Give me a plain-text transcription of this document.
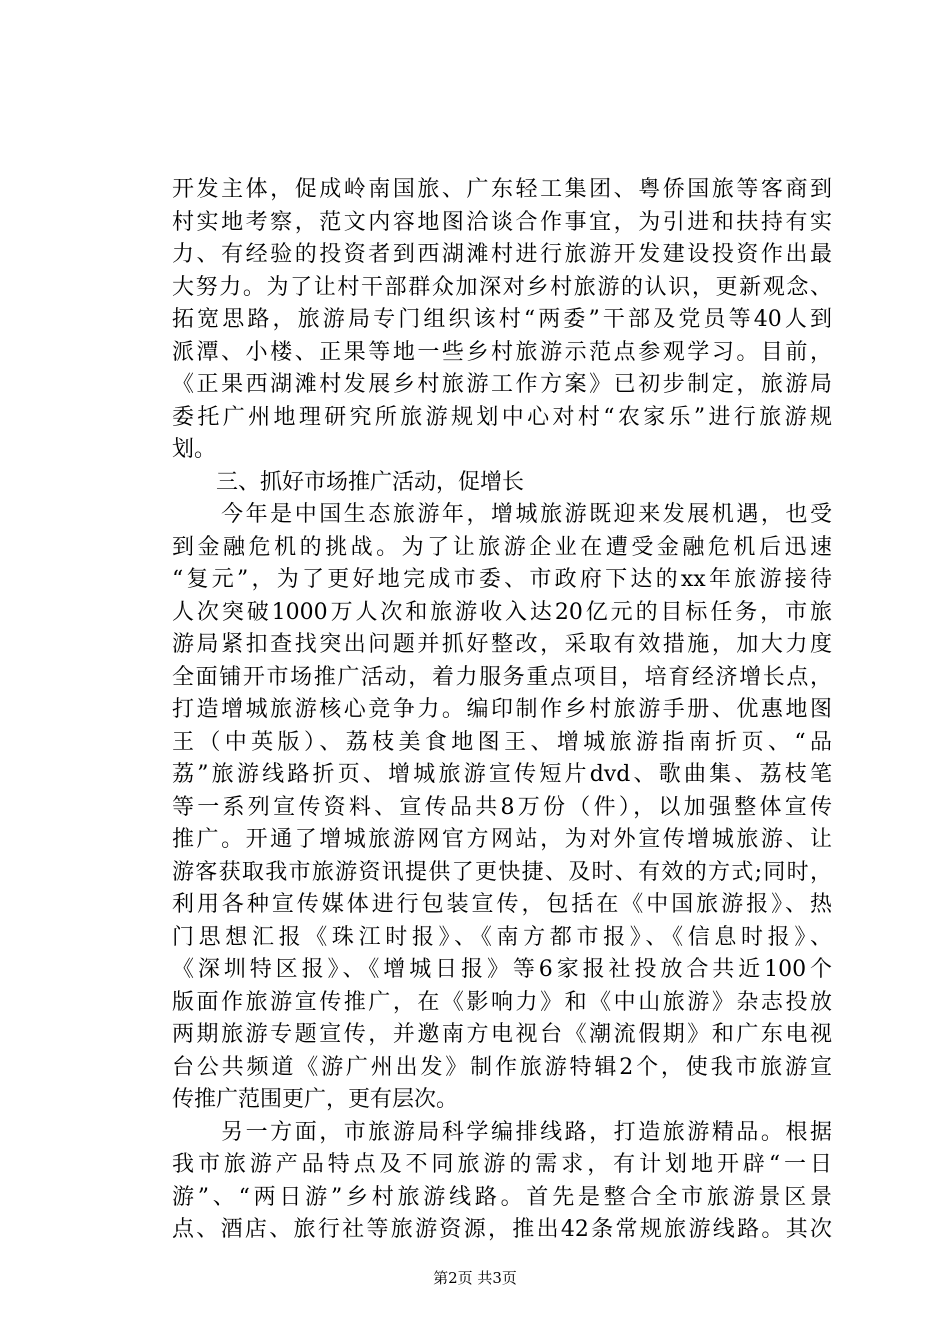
开发主体，促成岭南国旅、广东轻工集团、粤侨国旅等客商到
村实地考察，范文内容地图洽谈合作事宜，为引进和扶持有实
力、有经验的投资者到西湖滩村进行旅游开发建设投资作出最
大努力。为了让村干部群众加深对乡村旅游的认识，更新观念、
拓宽思路，旅游局专门组织该村“两委”干部及党员等40人到
派潭、小楼、正果等地一些乡村旅游示范点参观学习。目前，
《正果西湖滩村发展乡村旅游工作方案》已初步制定，旅游局
委托广州地理研究所旅游规划中心对村“农家乐”进行旅游规
划。
　　三、抓好市场推广活动，促增长
　　今年是中国生态旅游年，增城旅游既迎来发展机遇，也受
到金融危机的挑战。为了让旅游企业在遭受金融危机后迅速
“复元”，为了更好地完成市委、市政府下达的xx年旅游接待
人次突破1000万人次和旅游收入达20亿元的目标任务，市旅
游局紧扣查找突出问题并抓好整改，采取有效措施，加大力度
全面铺开市场推广活动，着力服务重点项目，培育经济增长点，
打造增城旅游核心竞争力。编印制作乡村旅游手册、优惠地图
王（中英版）、荔枝美食地图王、增城旅游指南折页、“品
荔”旅游线路折页、增城旅游宣传短片dvd、歌曲集、荔枝笔
等一系列宣传资料、宣传品共8万份（件），以加强整体宣传
推广。开通了增城旅游网官方网站，为对外宣传增城旅游、让
游客获取我市旅游资讯提供了更快捷、及时、有效的方式;同时，
利用各种宣传媒体进行包装宣传，包括在《中国旅游报》、热
门思想汇报《珠江时报》、《南方都市报》、《信息时报》、
《深圳特区报》、《增城日报》等6家报社投放合共近100个
版面作旅游宣传推广，在《影响力》和《中山旅游》杂志投放
两期旅游专题宣传，并邀南方电视台《潮流假期》和广东电视
台公共频道《游广州出发》制作旅游特辑2个，使我市旅游宣
传推广范围更广，更有层次。
　　另一方面，市旅游局科学编排线路，打造旅游精品。根据
我市旅游产品特点及不同旅游的需求，有计划地开辟“一日
游”、“两日游”乡村旅游线路。首先是整合全市旅游景区景
点、酒店、旅行社等旅游资源，推出42条常规旅游线路。其次
第2页 共3页
